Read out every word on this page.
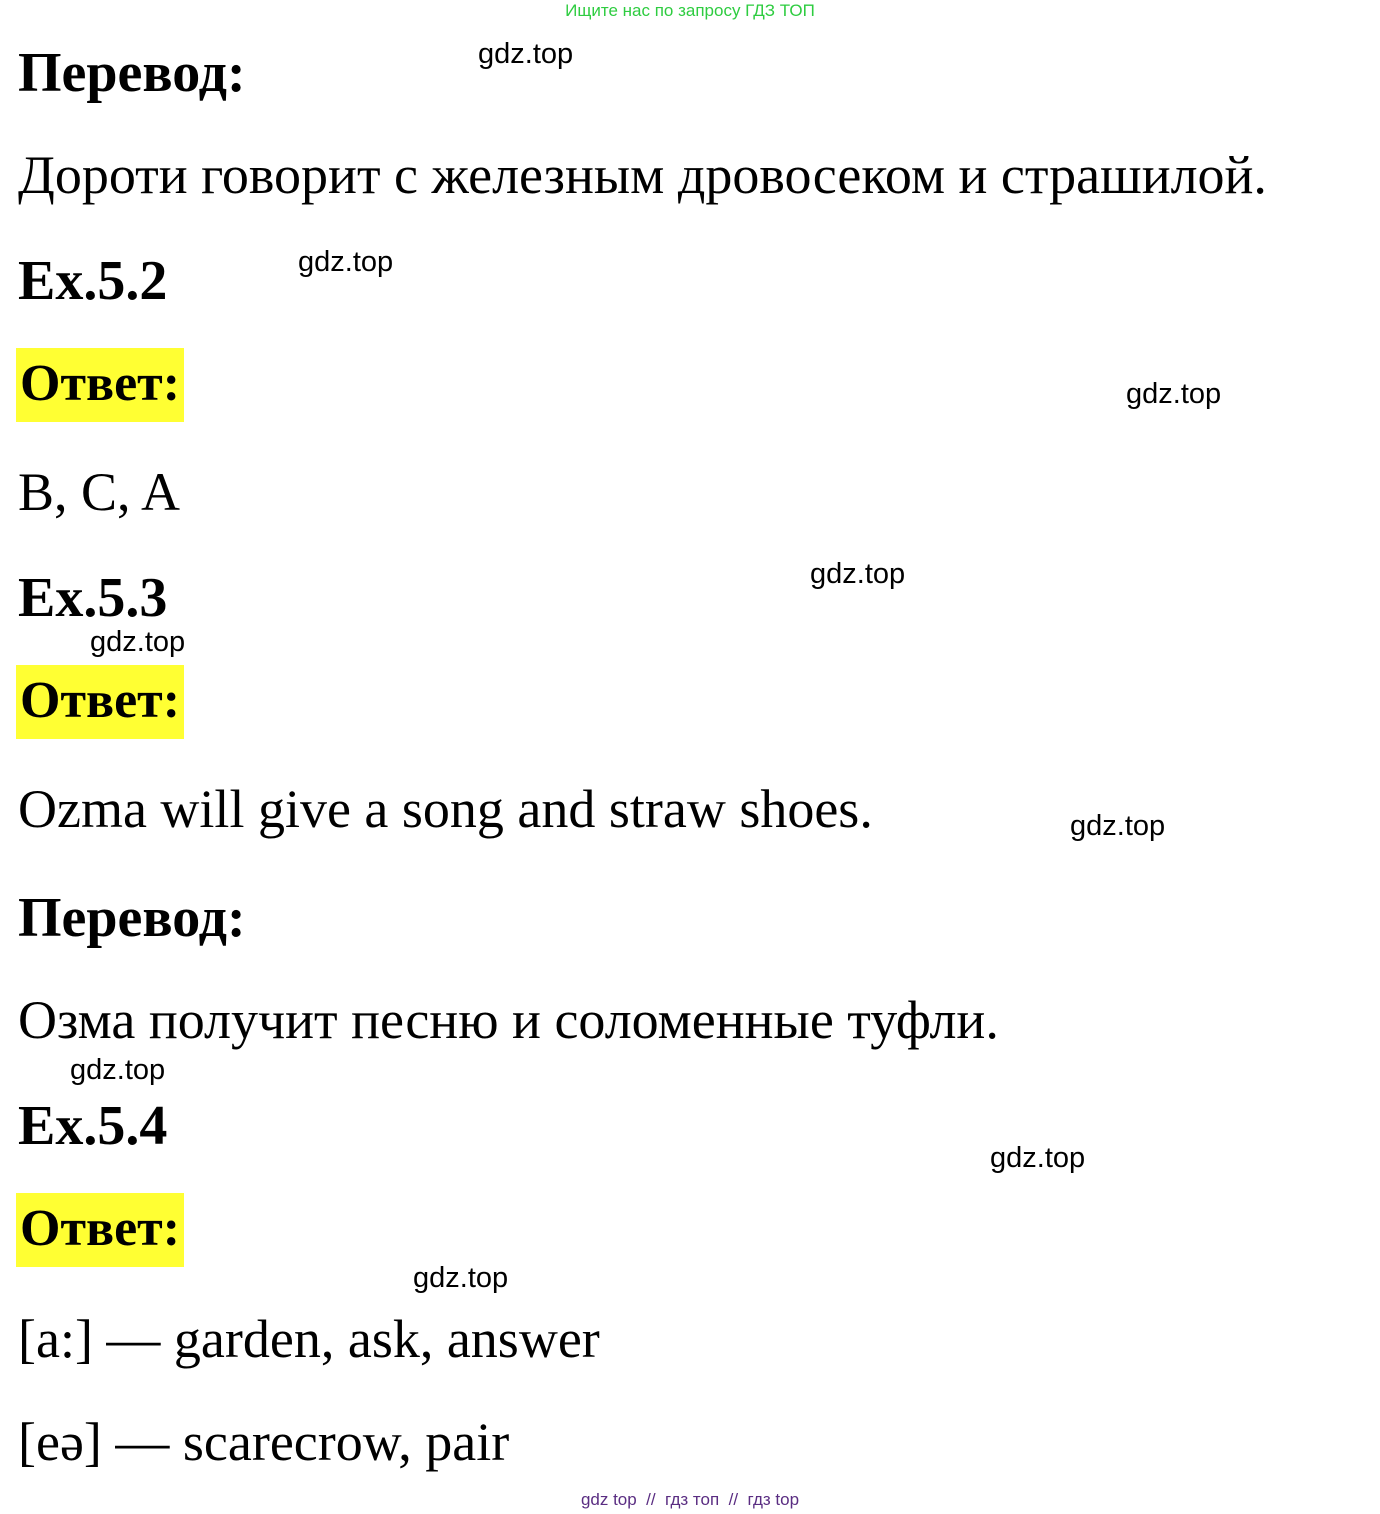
Ищите нас по запросу ГДЗ ТОП
Перевод:	gdz.top
Дороти говорит с железным дровосеком и страшилой.
Ex.5.2	gdz.top
Ответ:	gdz.top
B, C, A
Ex.5.3	gdz.top
gdz.top
Ответ:
Ozma will give a song and straw shoes.	gdz.top
Перевод:
Озма получит песню и соломенные туфли.
gdz.top
Ex.5.4
gdz.top
Ответ:
gdz.top
[a:] — garden, ask, answer
[eə] — scarecrow, pair
gdz top  //  гдз топ  //  гдз top
